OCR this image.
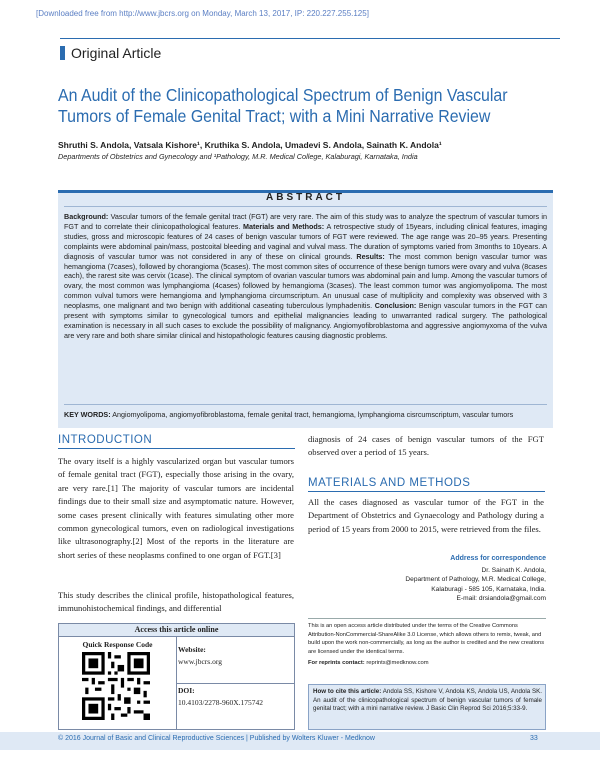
[Downloaded free from http://www.jbcrs.org on Monday, March 13, 2017, IP: 220.227.255.125]
Original Article
An Audit of the Clinicopathological Spectrum of Benign Vascular Tumors of Female Genital Tract; with a Mini Narrative Review
Shruthi S. Andola, Vatsala Kishore¹, Kruthika S. Andola, Umadevi S. Andola, Sainath K. Andola¹
Departments of Obstetrics and Gynecology and ¹Pathology, M.R. Medical College, Kalaburagi, Karnataka, India
ABSTRACT
Background: Vascular tumors of the female genital tract (FGT) are very rare. The aim of this study was to analyze the spectrum of vascular tumors in FGT and to correlate their clinicopathological features. Materials and Methods: A retrospective study of 15years, including clinical features, imaging studies, gross and microscopic features of 24 cases of benign vascular tumors of FGT were reviewed. The age range was 20–95 years. Presenting complaints were abdominal pain/mass, postcoital bleeding and vaginal and vulval mass. The duration of symptoms varied from 3months to 10years. A diagnosis of vascular tumor was not considered in any of these on clinical grounds. Results: The most common benign vascular tumor was hemangioma (7cases), followed by chorangioma (5cases). The most common sites of occurrence of these benign tumors were ovary and vulva (8cases each), the rarest site was cervix (1case). The clinical symptom of ovarian vascular tumors was abdominal pain and lump. Among the vascular tumors of ovary, the most common was lymphangioma (4cases) followed by hemangioma (3cases). The least common tumor was angiomyolipoma. The most common vulval tumors were hemangioma and lymphangioma circumscriptum. An unusual case of multiplicity and complexity was observed with 3 neoplasms, one malignant and two benign with additional caseating tuberculous lymphadenitis. Conclusion: Benign vascular tumors in the FGT can present with symptoms similar to gynecological tumors and epithelial malignancies leading to unwarranted radical surgery. The pathological examination is necessary in all such cases to exclude the possibility of malignancy. Angiomyofibroblastoma and aggressive angiomyxoma of the vulva are very rare and both share similar clinical and histopathologic features causing diagnostic problems.
KEY WORDS: Angiomyolipoma, angiomyofibroblastoma, female genital tract, hemangioma, lymphangioma cisrcumscriptum, vascular tumors
INTRODUCTION
The ovary itself is a highly vascularized organ but vascular tumors of female genital tract (FGT), especially those arising in the ovary, are very rare.[1] The majority of vascular tumors are incidental findings due to their small size and asymptomatic nature. However, some cases present clinically with features simulating other more common gynecological tumors, even on radiological investigations like ultrasonography.[2] Most of the reports in the literature are short series of these neoplasms confined to one organ of FGT.[3]
This study describes the clinical profile, histopathological features, immunohistochemical findings, and differential
diagnosis of 24 cases of benign vascular tumors of the FGT observed over a period of 15 years.
MATERIALS AND METHODS
All the cases diagnosed as vascular tumor of the FGT in the Department of Obstetrics and Gynaecology and Pathology during a period of 15 years from 2000 to 2015, were retrieved from the files.
Access this article online
Quick Response Code
Website:
www.jbcrs.org
DOI:
10.4103/2278-960X.175742
Address for correspondence
Dr. Sainath K. Andola,
Department of Pathology, M.R. Medical College,
Kalaburagi - 585 105, Karnataka, India.
E-mail: drsiandola@gmail.com
This is an open access article distributed under the terms of the Creative Commons Attribution-NonCommercial-ShareAlike 3.0 License, which allows others to remix, tweak, and build upon the work non-commercially, as long as the author is credited and the new creations are licensed under the identical terms.
For reprints contact: reprints@medknow.com
How to cite this article: Andola SS, Kishore V, Andola KS, Andola US, Andola SK. An audit of the clinicopathological spectrum of benign vascular tumors of female genital tract; with a mini narrative review. J Basic Clin Reprod Sci 2016;5:33-9.
© 2016 Journal of Basic and Clinical Reproductive Sciences | Published by Wolters Kluwer - Medknow	33
